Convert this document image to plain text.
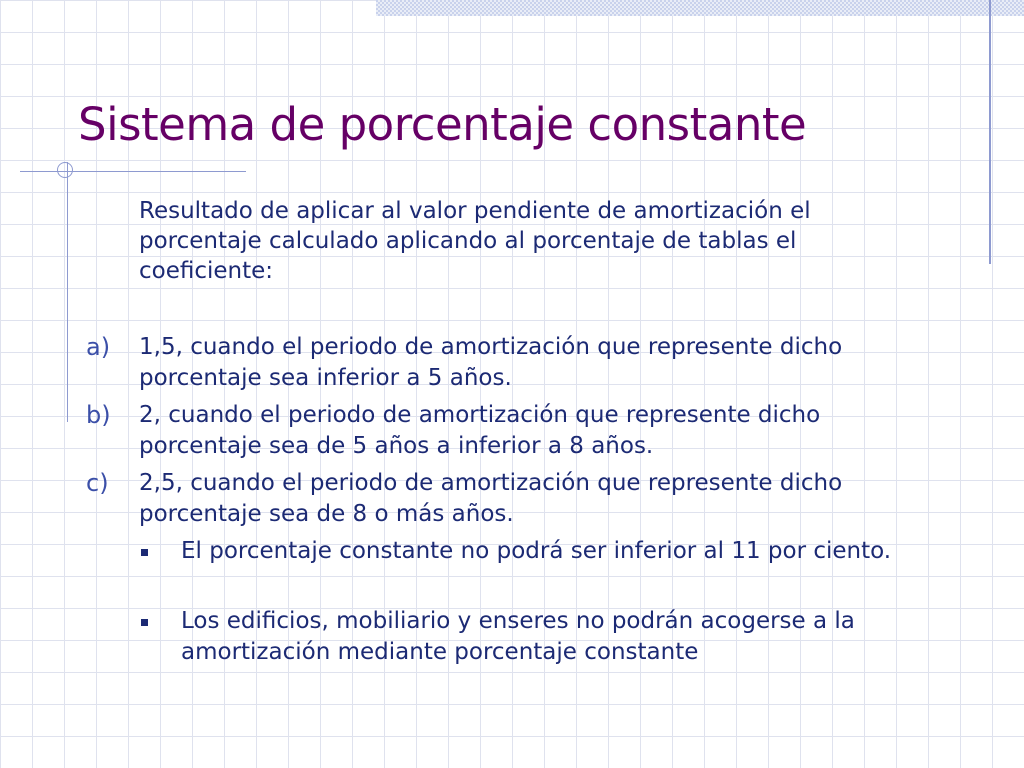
Sistema de porcentaje constante

Resultado de aplicar al valor pendiente de amortización el porcentaje calculado aplicando al porcentaje de tablas el coeficiente:

a) 1,5, cuando el periodo de amortización que represente dicho porcentaje sea inferior a 5 años.

b) 2, cuando el periodo de amortización que represente dicho porcentaje sea de 5 años a inferior a 8 años.

c) 2,5, cuando el periodo de amortización que represente dicho porcentaje sea de 8 o más años.

El porcentaje constante no podrá ser inferior al 11 por ciento.

Los edificios, mobiliario y enseres no podrán acogerse a la amortización mediante porcentaje constante
